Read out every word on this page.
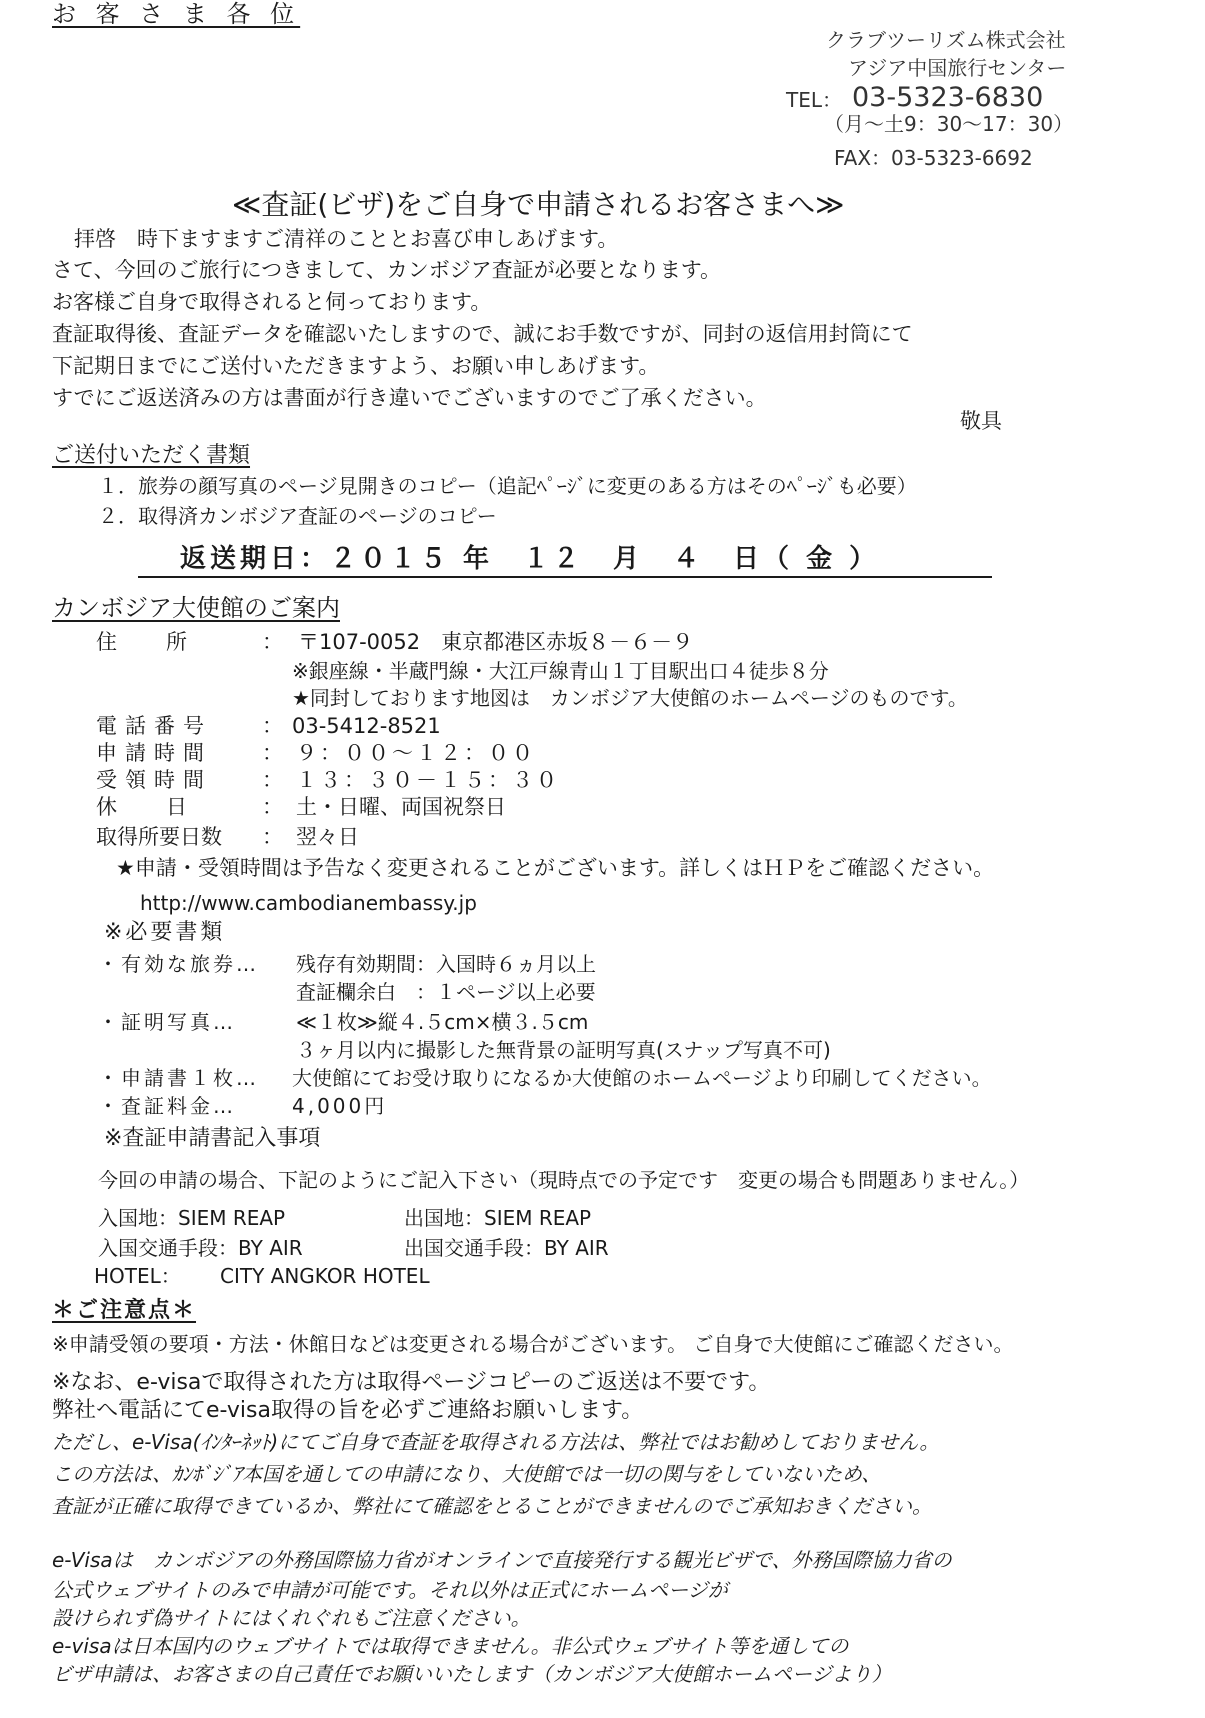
お 客 さ ま 各 位
クラブツーリズム株式会社
アジア中国旅行センター
TEL： 03-5323-6830
（月～土9：30～17：30）
FAX：03-5323-6692
≪査証(ビザ)をご自身で申請されるお客さまへ≫
拝啓　時下ますますご清祥のこととお喜び申しあげます。
さて、今回のご旅行につきまして、カンボジア査証が必要となります。
お客様ご自身で取得されると伺っております。
査証取得後、査証データを確認いたしますので、誠にお手数ですが、同封の返信用封筒にて
下記期日までにご送付いただきますよう、お願い申しあげます。
すでにご返送済みの方は書面が行き違いでございますのでご了承ください。
敬具
ご送付いただく書類
１．旅券の顔写真のページ見開きのコピー（追記ﾍﾟｰｼﾞに変更のある方はそのﾍﾟｰｼﾞも必要）
２．取得済カンボジア査証のページのコピー
返送期日：２０１５ 年　１２　月　４　日（ 金 ）
カンボジア大使館のご案内
住　所	： 〒107-0052　東京都港区赤坂８－６－９
※銀座線・半蔵門線・大江戸線青山１丁目駅出口４徒歩８分
★同封しております地図は　カンボジア大使館のホームページのものです。
電話番号 ： 03-5412-8521
申請時間 ： ９：００～１２：００
受領時間 ： １３：３０－１５：３０
休　日	： 土・日曜、両国祝祭日
取得所要日数 ： 翌々日
★申請・受領時間は予告なく変更されることがございます。詳しくはＨＰをご確認ください。
http://www.cambodianembassy.jp
※必要書類
・有効な旅券… 残存有効期間：入国時６ヵ月以上
査証欄余白　：１ページ以上必要
・証明写真…	≪１枚≫縦４.５cm×横３.５cm
３ヶ月以内に撮影した無背景の証明写真(スナップ写真不可)
・申請書１枚… 大使館にてお受け取りになるか大使館のホームページより印刷してください。
・査証料金…	4,000円
※査証申請書記入事項
今回の申請の場合、下記のようにご記入下さい（現時点での予定です　変更の場合も問題ありません。）
入国地：SIEM REAP	出国地：SIEM REAP
入国交通手段：BY AIR	出国交通手段：BY AIR
HOTEL： CITY ANGKOR HOTEL
＊ご注意点＊
※申請受領の要項・方法・休館日などは変更される場合がございます。 ご自身で大使館にご確認ください。
※なお、e-visaで取得された方は取得ページコピーのご返送は不要です。
弊社へ電話にてe-visa取得の旨を必ずご連絡お願いします。
ただし、e-Visa(ｲﾝﾀｰﾈｯﾄ)にてご自身で査証を取得される方法は、弊社ではお勧めしておりません。
この方法は、ｶﾝﾎﾞｼﾞｱ本国を通しての申請になり、大使館では一切の関与をしていないため、
査証が正確に取得できているか、弊社にて確認をとることができませんのでご承知おきください。
e-Visaは　カンボジアの外務国際協力省がオンラインで直接発行する観光ビザで、外務国際協力省の
公式ウェブサイトのみで申請が可能です。それ以外は正式にホームページが
設けられず偽サイトにはくれぐれもご注意ください。
e-visaは日本国内のウェブサイトでは取得できません。非公式ウェブサイト等を通しての
ビザ申請は、お客さまの自己責任でお願いいたします（カンボジア大使館ホームページより）
